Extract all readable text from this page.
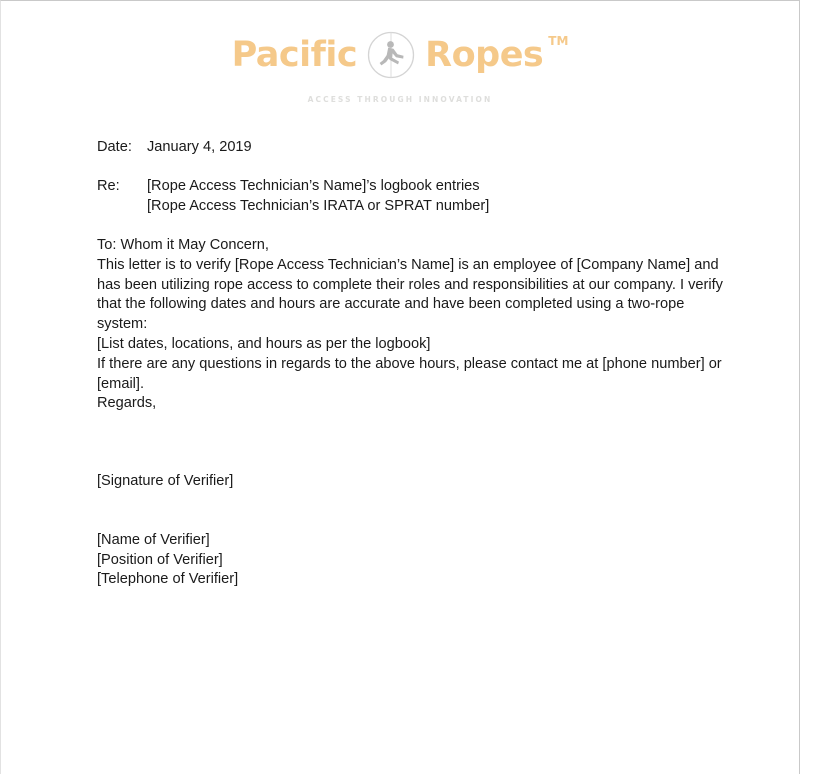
Pacific Ropes TM
ACCESS THROUGH INNOVATION
Date:	January 4, 2019
Re:	[Rope Access Technician’s Name]’s logbook entries
[Rope Access Technician’s IRATA or SPRAT number]

To: Whom it May Concern,

This letter is to verify [Rope Access Technician’s Name] is an employee of [Company Name] and has been utilizing rope access to complete their roles and responsibilities at our company. I verify that the following dates and hours are accurate and have been completed using a two-rope system:

[List dates, locations, and hours as per the logbook]

If there are any questions in regards to the above hours, please contact me at [phone number] or [email].

Regards,

[Signature of Verifier]

[Name of Verifier]
[Position of Verifier]
[Telephone of Verifier]
